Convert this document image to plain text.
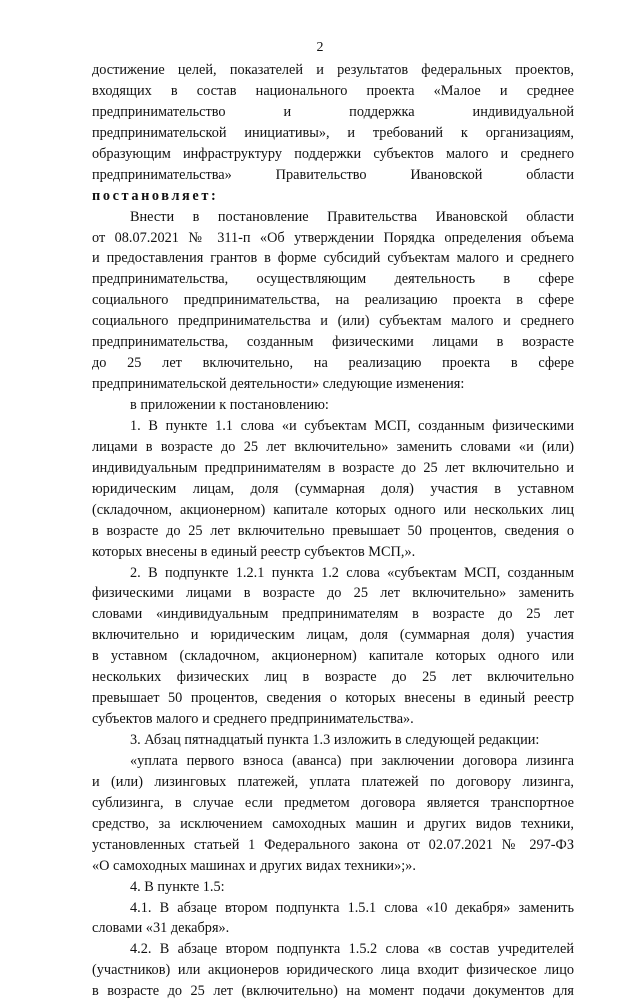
2
достижение целей, показателей и результатов федеральных проектов,
входящих в состав национального проекта «Малое и среднее
предпринимательство и поддержка индивидуальной
предпринимательской инициативы», и требований к организациям,
образующим инфраструктуру поддержки субъектов малого и среднего
предпринимательства» Правительство Ивановской области
постановляет:
Внести в постановление Правительства Ивановской области
от 08.07.2021 № 311-п «Об утверждении Порядка определения объема
и предоставления грантов в форме субсидий субъектам малого и среднего
предпринимательства, осуществляющим деятельность в сфере
социального предпринимательства, на реализацию проекта в сфере
социального предпринимательства и (или) субъектам малого и среднего
предпринимательства, созданным физическими лицами в возрасте
до 25 лет включительно, на реализацию проекта в сфере
предпринимательской деятельности» следующие изменения:
в приложении к постановлению:
1. В пункте 1.1 слова «и субъектам МСП, созданным физическими
лицами в возрасте до 25 лет включительно» заменить словами «и (или)
индивидуальным предпринимателям в возрасте до 25 лет включительно и
юридическим лицам, доля (суммарная доля) участия в уставном
(складочном, акционерном) капитале которых одного или нескольких лиц
в возрасте до 25 лет включительно превышает 50 процентов, сведения о
которых внесены в единый реестр субъектов МСП,».
2. В подпункте 1.2.1 пункта 1.2 слова «субъектам МСП, созданным
физическими лицами в возрасте до 25 лет включительно» заменить
словами «индивидуальным предпринимателям в возрасте до 25 лет
включительно и юридическим лицам, доля (суммарная доля) участия
в уставном (складочном, акционерном) капитале которых одного или
нескольких физических лиц в возрасте до 25 лет включительно
превышает 50 процентов, сведения о которых внесены в единый реестр
субъектов малого и среднего предпринимательства».
3. Абзац пятнадцатый пункта 1.3 изложить в следующей редакции:
«уплата первого взноса (аванса) при заключении договора лизинга
и (или) лизинговых платежей, уплата платежей по договору лизинга,
сублизинга, в случае если предметом договора является транспортное
средство, за исключением самоходных машин и других видов техники,
установленных статьей 1 Федерального закона от 02.07.2021 № 297-ФЗ
«О самоходных машинах и других видах техники»;».
4. В пункте 1.5:
4.1. В абзаце втором подпункта 1.5.1 слова «10 декабря» заменить
словами «31 декабря».
4.2. В абзаце втором подпункта 1.5.2 слова «в состав учредителей
(участников) или акционеров юридического лица входит физическое лицо
в возрасте до 25 лет (включительно) на момент подачи документов для
